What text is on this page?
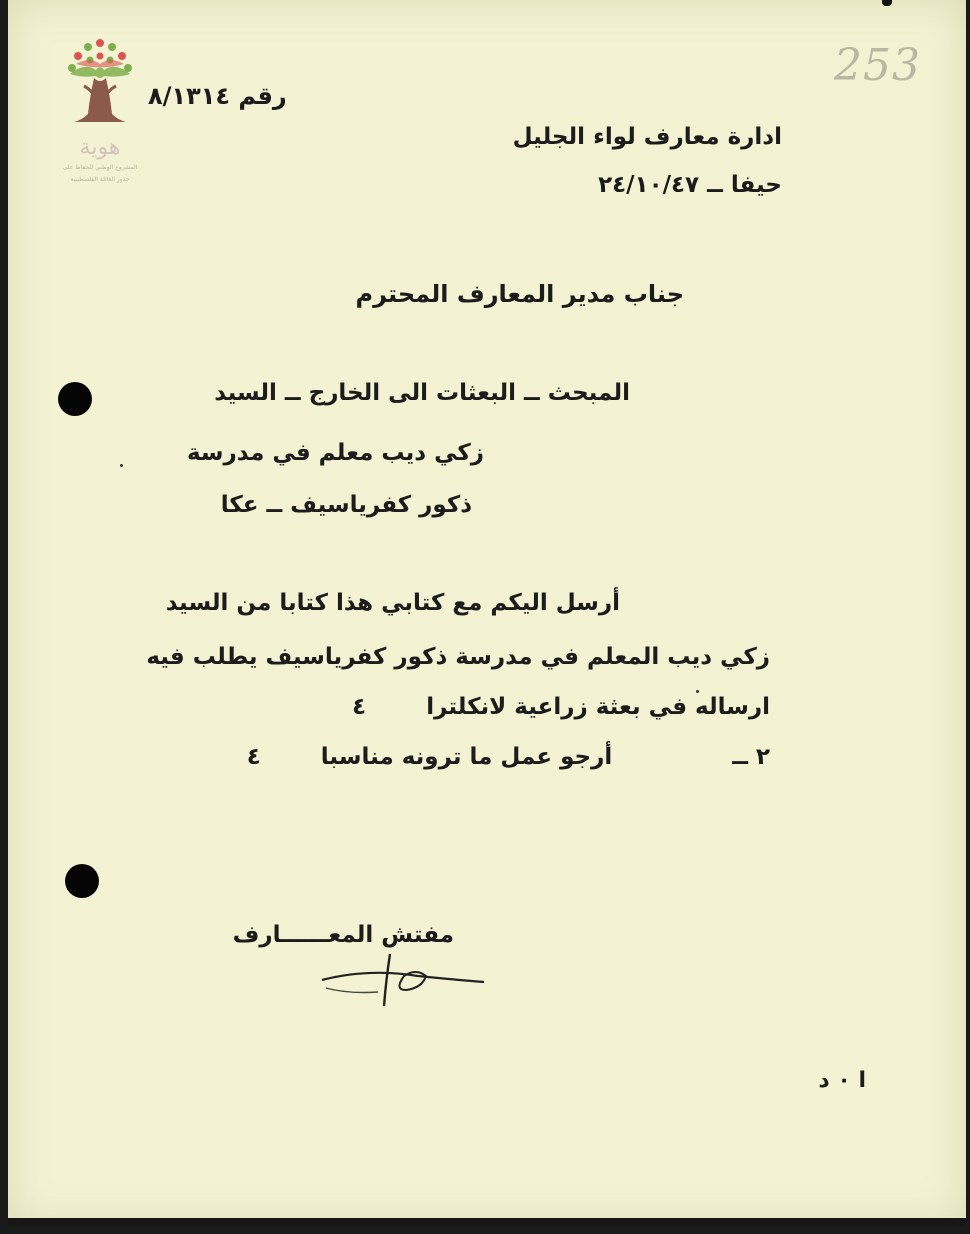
هوية
المشروع الوطني للحفاظ على
جذور العائلة الفلسطينية
رقم ٨/١٣١٤
253
ادارة معارف لواء الجليل
حيفا ــ ٢٤/١٠/٤٧
جناب مدير المعارف المحترم
المبحث ــ البعثات الى الخارج ــ السيد
زكي ديب معلم في مدرسة
ذكور كفرياسيف ــ عكا
أرسل اليكم مع كتابي هذا كتابا من السيد
زكي ديب المعلم في مدرسة ذكور كفرياسيف يطلب فيه
ارساله في بعثة زراعية لانكلترا٤
٢ ــأرجو عمل ما ترونه مناسبا٤
مفتش المعــــــارف
ا ٠ د
